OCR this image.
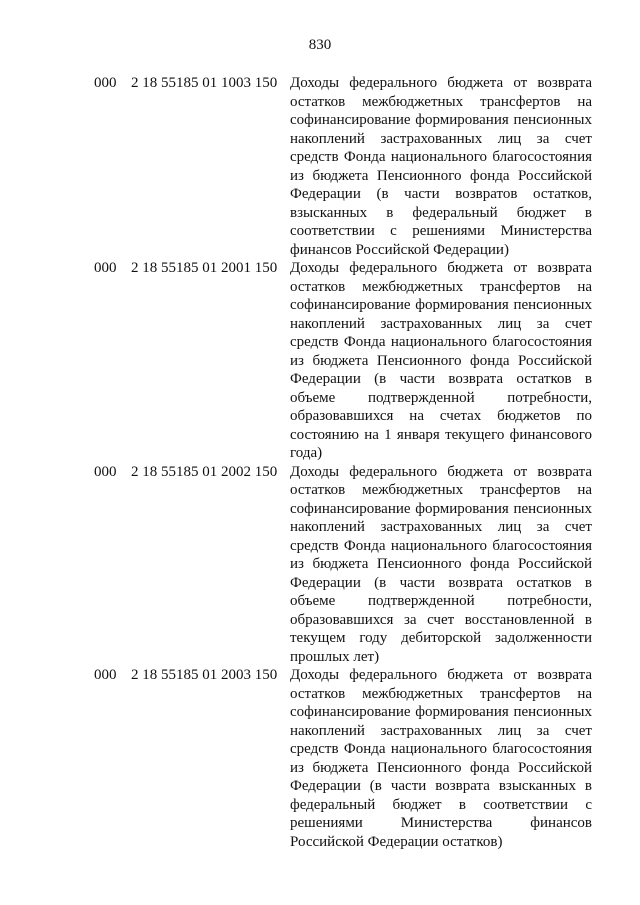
830
000 2 18 55185 01 1003 150 Доходы федерального бюджета от возврата остатков межбюджетных трансфертов на софинансирование формирования пенсионных накоплений застрахованных лиц за счет средств Фонда национального благосостояния из бюджета Пенсионного фонда Российской Федерации (в части возвратов остатков, взысканных в федеральный бюджет в соответствии с решениями Министерства финансов Российской Федерации)
000 2 18 55185 01 2001 150 Доходы федерального бюджета от возврата остатков межбюджетных трансфертов на софинансирование формирования пенсионных накоплений застрахованных лиц за счет средств Фонда национального благосостояния из бюджета Пенсионного фонда Российской Федерации (в части возврата остатков в объеме подтвержденной потребности, образовавшихся на счетах бюджетов по состоянию на 1 января текущего финансового года)
000 2 18 55185 01 2002 150 Доходы федерального бюджета от возврата остатков межбюджетных трансфертов на софинансирование формирования пенсионных накоплений застрахованных лиц за счет средств Фонда национального благосостояния из бюджета Пенсионного фонда Российской Федерации (в части возврата остатков в объеме подтвержденной потребности, образовавшихся за счет восстановленной в текущем году дебиторской задолженности прошлых лет)
000 2 18 55185 01 2003 150 Доходы федерального бюджета от возврата остатков межбюджетных трансфертов на софинансирование формирования пенсионных накоплений застрахованных лиц за счет средств Фонда национального благосостояния из бюджета Пенсионного фонда Российской Федерации (в части возврата взысканных в федеральный бюджет в соответствии с решениями Министерства финансов Российской Федерации остатков)
